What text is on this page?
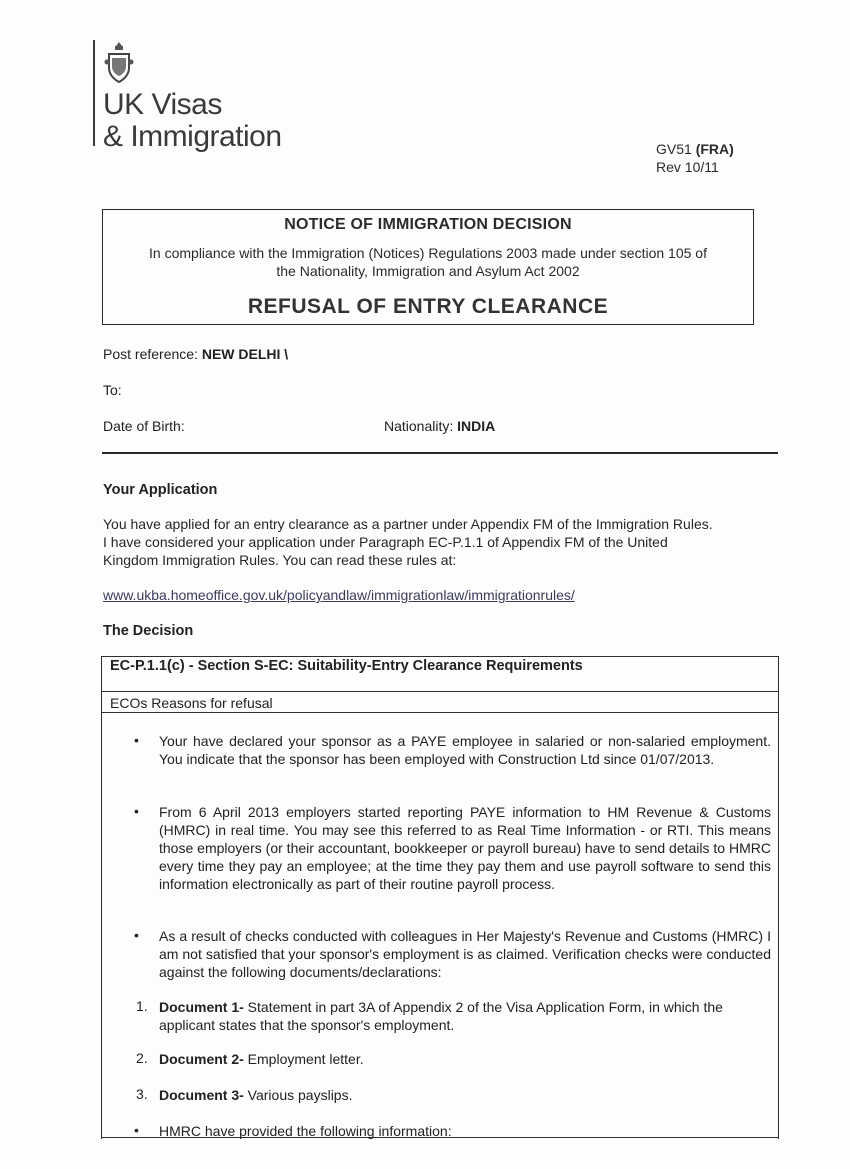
UK Visas
& Immigration	GV51 (FRA)
Rev 10/11
NOTICE OF IMMIGRATION DECISION
In compliance with the Immigration (Notices) Regulations 2003 made under section 105 of
the Nationality, Immigration and Asylum Act 2002
REFUSAL OF ENTRY CLEARANCE
Post reference: NEW DELHI \
To:
Date of Birth:	Nationality: INDIA
Your Application
You have applied for an entry clearance as a partner under Appendix FM of the Immigration Rules.
I have considered your application under Paragraph EC-P.1.1 of Appendix FM of the United
Kingdom Immigration Rules. You can read these rules at:
www.ukba.homeoffice.gov.uk/policyandlaw/immigrationlaw/immigrationrules/
The Decision
EC-P.1.1(c) - Section S-EC: Suitability-Entry Clearance Requirements
ECOs Reasons for refusal
• Your have declared your sponsor as a PAYE employee in salaried or non-salaried employment. You indicate that the sponsor has been employed with Construction Ltd since 01/07/2013.
• From 6 April 2013 employers started reporting PAYE information to HM Revenue & Customs (HMRC) in real time. You may see this referred to as Real Time Information - or RTI. This means those employers (or their accountant, bookkeeper or payroll bureau) have to send details to HMRC every time they pay an employee; at the time they pay them and use payroll software to send this information electronically as part of their routine payroll process.
• As a result of checks conducted with colleagues in Her Majesty's Revenue and Customs (HMRC) I am not satisfied that your sponsor's employment is as claimed. Verification checks were conducted against the following documents/declarations:
1. Document 1- Statement in part 3A of Appendix 2 of the Visa Application Form, in which the applicant states that the sponsor's employment.
2. Document 2- Employment letter.
3. Document 3- Various payslips.
• HMRC have provided the following information:
